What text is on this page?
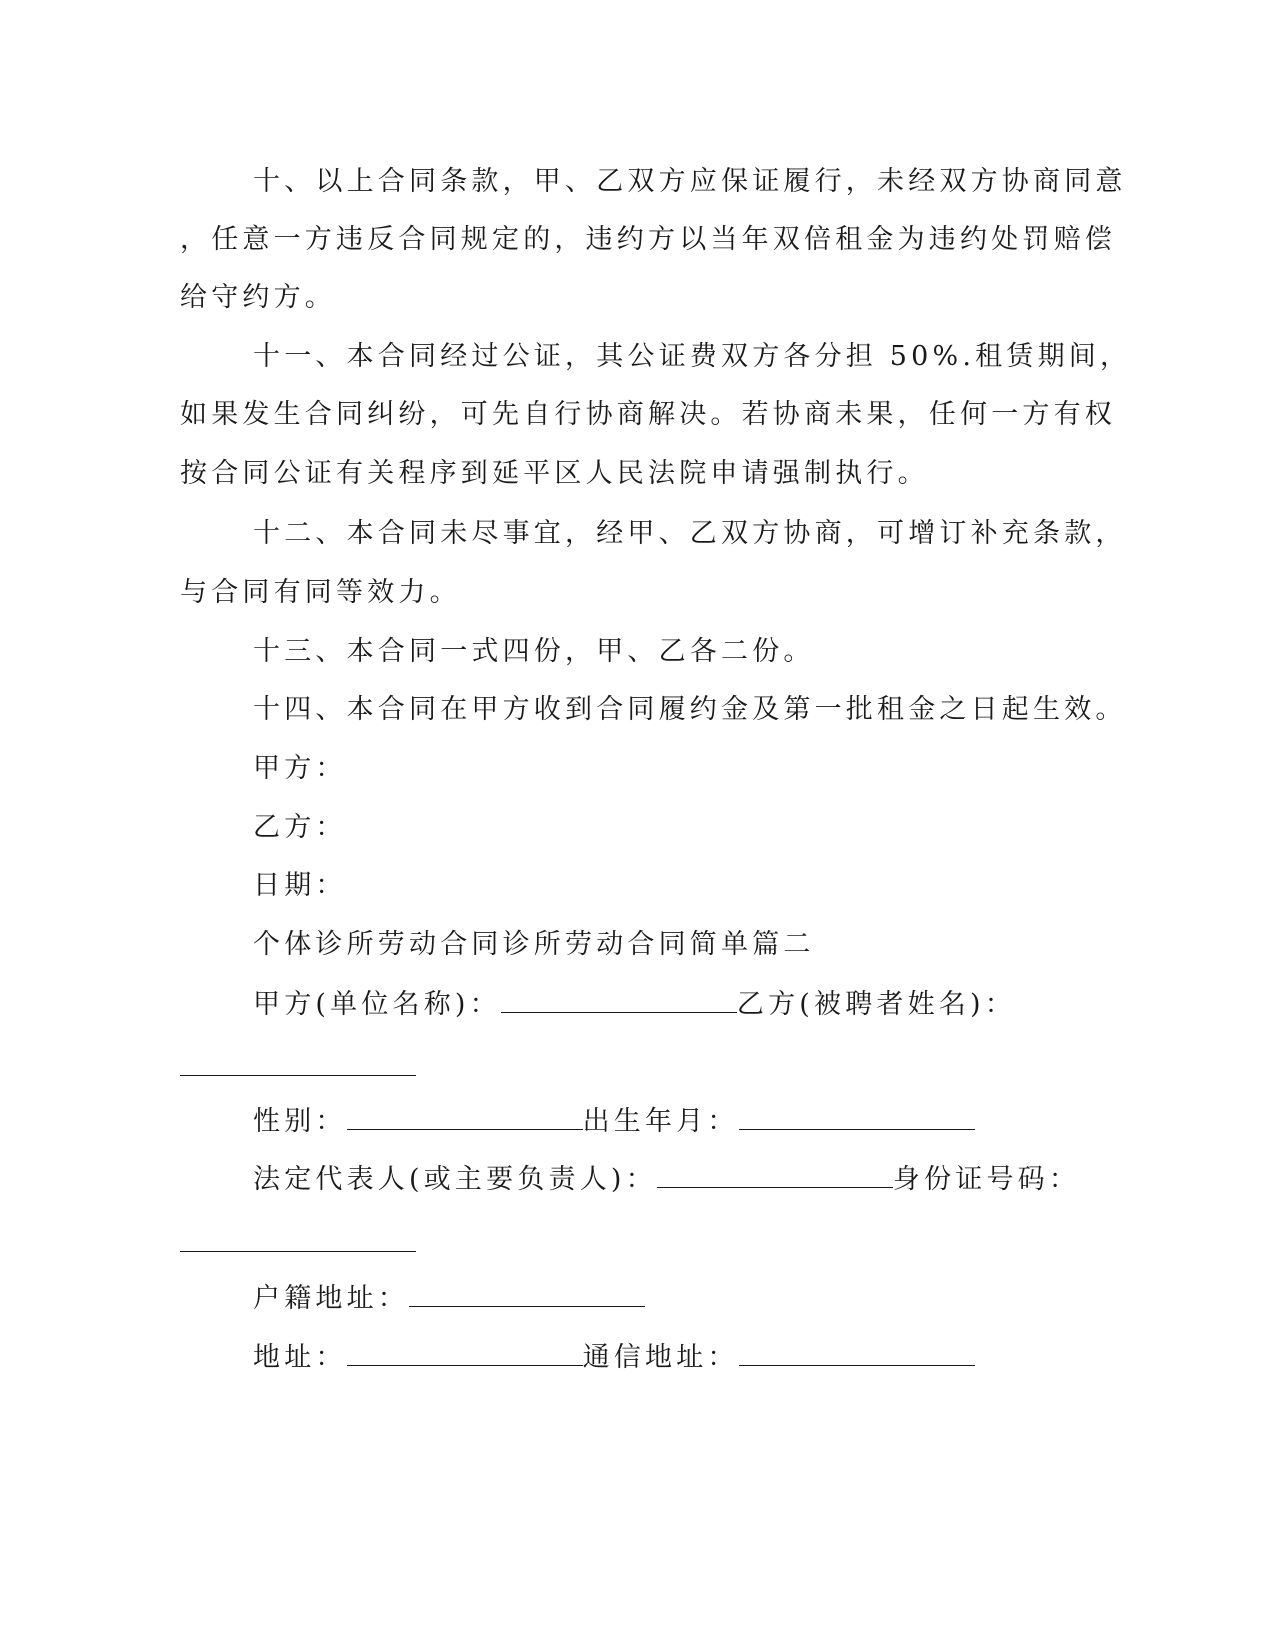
十、以上合同条款，甲、乙双方应保证履行，未经双方协商同意
，任意一方违反合同规定的，违约方以当年双倍租金为违约处罚赔偿
给守约方。
十一、本合同经过公证，其公证费双方各分担 50%.租赁期间，
如果发生合同纠纷，可先自行协商解决。若协商未果，任何一方有权
按合同公证有关程序到延平区人民法院申请强制执行。
十二、本合同未尽事宜，经甲、乙双方协商，可增订补充条款，
与合同有同等效力。
十三、本合同一式四份，甲、乙各二份。
十四、本合同在甲方收到合同履约金及第一批租金之日起生效。
甲方：
乙方：
日期：
个体诊所劳动合同诊所劳动合同简单篇二
甲方(单位名称)：	乙方(被聘者姓名)：
性别：	出生年月：
法定代表人(或主要负责人)：	身份证号码：
户籍地址：
地址：	通信地址：
